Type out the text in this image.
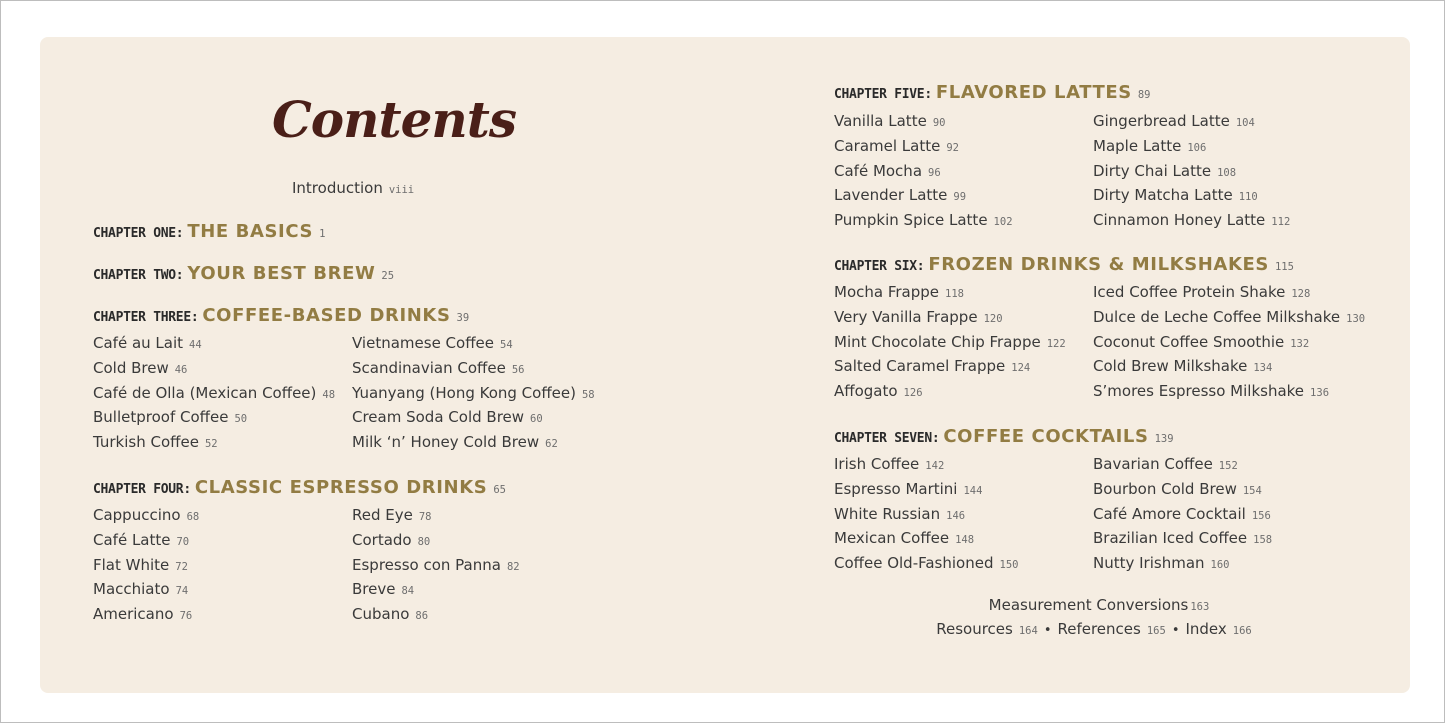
Contents
Introduction viii
CHAPTER ONE: THE BASICS 1
CHAPTER TWO: YOUR BEST BREW 25
CHAPTER THREE: COFFEE-BASED DRINKS 39
CHAPTER FOUR: CLASSIC ESPRESSO DRINKS 65
CHAPTER FIVE: FLAVORED LATTES 89
CHAPTER SIX: FROZEN DRINKS & MILKSHAKES 115
CHAPTER SEVEN: COFFEE COCKTAILS 139
Café au Lait 44
Cold Brew 46
Café de Olla (Mexican Coffee) 48
Bulletproof Coffee 50
Turkish Coffee 52
Vietnamese Coffee 54
Scandinavian Coffee 56
Yuanyang (Hong Kong Coffee) 58
Cream Soda Cold Brew 60
Milk ‘n’ Honey Cold Brew 62
Cappuccino 68
Café Latte 70
Flat White 72
Macchiato 74
Americano 76
Red Eye 78
Cortado 80
Espresso con Panna 82
Breve 84
Cubano 86
Vanilla Latte 90
Caramel Latte 92
Café Mocha 96
Lavender Latte 99
Pumpkin Spice Latte 102
Gingerbread Latte 104
Maple Latte 106
Dirty Chai Latte 108
Dirty Matcha Latte 110
Cinnamon Honey Latte 112
Mocha Frappe 118
Very Vanilla Frappe 120
Mint Chocolate Chip Frappe 122
Salted Caramel Frappe 124
Affogato 126
Iced Coffee Protein Shake 128
Dulce de Leche Coffee Milkshake 130
Coconut Coffee Smoothie 132
Cold Brew Milkshake 134
S’mores Espresso Milkshake 136
Irish Coffee 142
Espresso Martini 144
White Russian 146
Mexican Coffee 148
Coffee Old-Fashioned 150
Bavarian Coffee 152
Bourbon Cold Brew 154
Café Amore Cocktail 156
Brazilian Iced Coffee 158
Nutty Irishman 160
Measurement Conversions 163
Resources 164 • References 165 • Index 166
